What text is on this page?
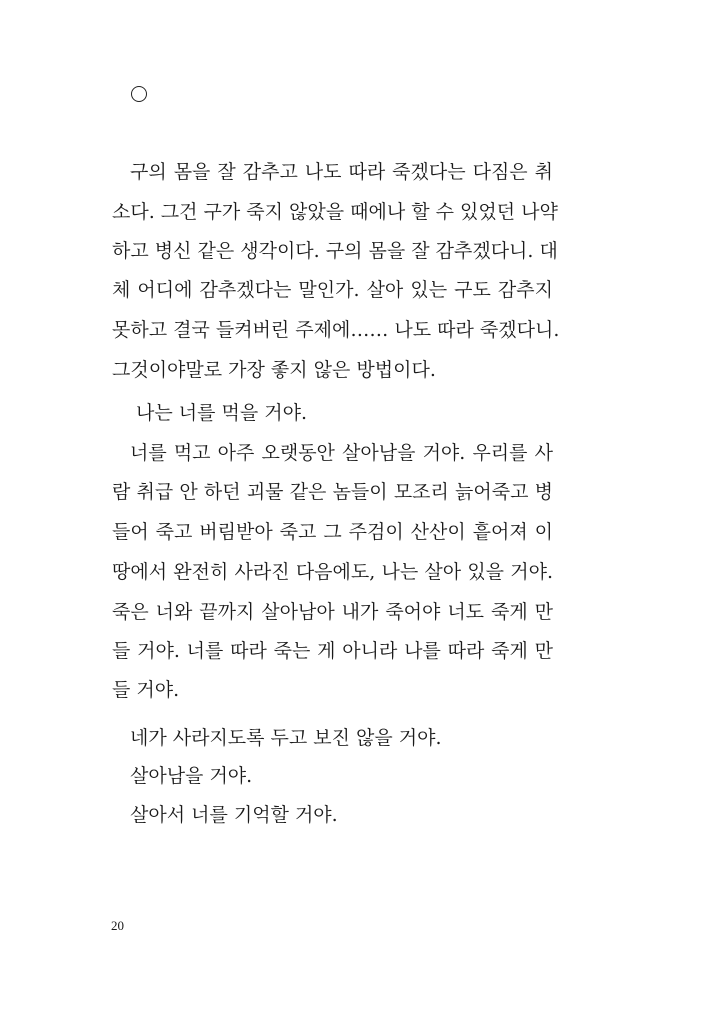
구의 몸을 잘 감추고 나도 따라 죽겠다는 다짐은 취
소다. 그건 구가 죽지 않았을 때에나 할 수 있었던 나약
하고 병신 같은 생각이다. 구의 몸을 잘 감추겠다니. 대
체 어디에 감추겠다는 말인가. 살아 있는 구도 감추지
못하고 결국 들켜버린 주제에…… 나도 따라 죽겠다니.
그것이야말로 가장 좋지 않은 방법이다.
나는 너를 먹을 거야.
너를 먹고 아주 오랫동안 살아남을 거야. 우리를 사
람 취급 안 하던 괴물 같은 놈들이 모조리 늙어죽고 병
들어 죽고 버림받아 죽고 그 주검이 산산이 흩어져 이
땅에서 완전히 사라진 다음에도, 나는 살아 있을 거야.
죽은 너와 끝까지 살아남아 내가 죽어야 너도 죽게 만
들 거야. 너를 따라 죽는 게 아니라 나를 따라 죽게 만
들 거야.
네가 사라지도록 두고 보진 않을 거야.
살아남을 거야.
살아서 너를 기억할 거야.
20
